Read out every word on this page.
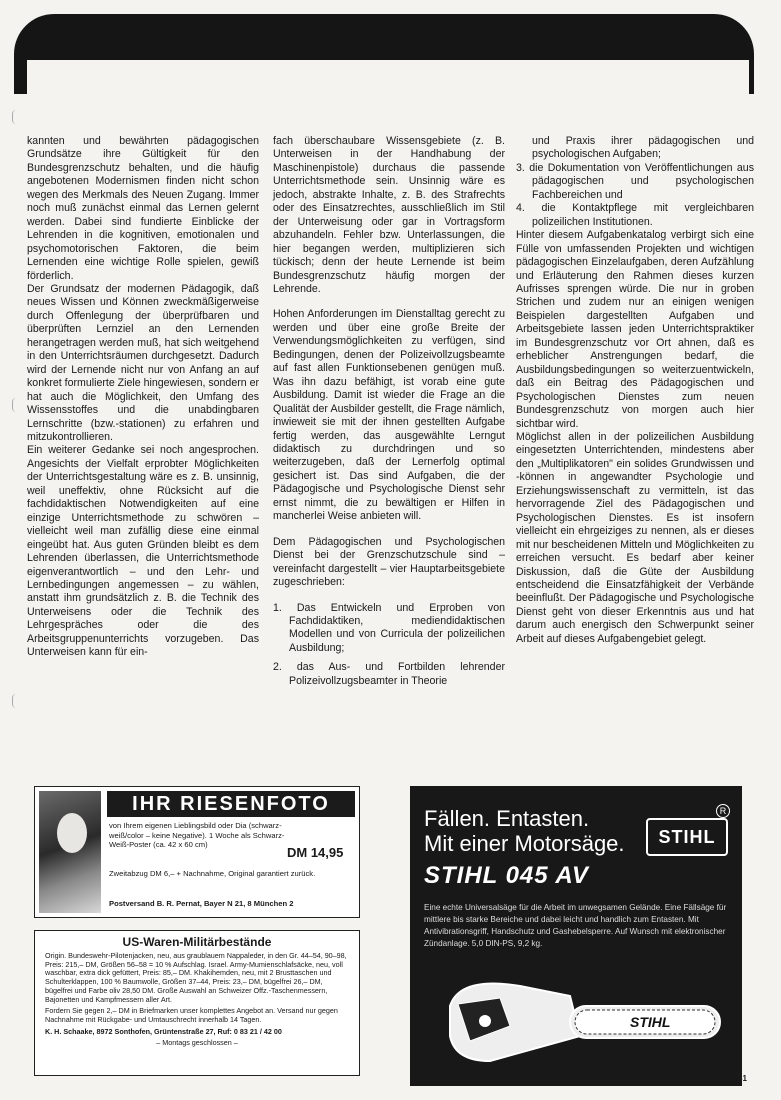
kannten und bewährten pädagogischen Grundsätze ihre Gültigkeit für den Bundesgrenzschutz behalten, und die häufig angebotenen Modernismen finden nicht schon wegen des Merkmals des Neuen Zugang. Immer noch muß zunächst einmal das Lernen gelernt werden. Dabei sind fundierte Einblicke der Lehrenden in die kognitiven, emotionalen und psychomotorischen Faktoren, die beim Lernenden eine wichtige Rolle spielen, gewiß förderlich.

Der Grundsatz der modernen Pädagogik, daß neues Wissen und Können zweckmäßigerweise durch Offenlegung der überprüfbaren und überprüften Lernziel an den Lernenden herangetragen werden muß, hat sich weitgehend in den Unterrichtsräumen durchgesetzt. Dadurch wird der Lernende nicht nur von Anfang an auf konkret formulierte Ziele hingewiesen, sondern er hat auch die Möglichkeit, den Umfang des Wissensstoffes und die unabdingbaren Lernschritte (bzw.-stationen) zu erfahren und mitzukontrollieren.

Ein weiterer Gedanke sei noch angesprochen. Angesichts der Vielfalt erprobter Möglichkeiten der Unterrichtsgestaltung wäre es z. B. unsinnig, weil uneffektiv, ohne Rücksicht auf die fachdidaktischen Notwendigkeiten auf eine einzige Unterrichtsmethode zu schwören – vielleicht weil man zufällig diese eine einmal eingeübt hat. Aus guten Gründen bleibt es dem Lehrenden überlassen, die Unterrichtsmethode eigenverantwortlich – und den Lehr- und Lernbedingungen angemessen – zu wählen, anstatt ihm grundsätzlich z. B. die Technik des Unterweisens oder die Technik des Lehrgespräches oder die des Arbeitsgruppenunterrichts vorzugeben. Das Unterweisen kann für ein-

fach überschaubare Wissensgebiete (z. B. Unterweisen in der Handhabung der Maschinenpistole) durchaus die passende Unterrichtsmethode sein. Unsinnig wäre es jedoch, abstrakte Inhalte, z. B. des Strafrechts oder des Einsatzrechtes, ausschließlich im Stil der Unterweisung oder gar in Vortragsform abzuhandeln. Fehler bzw. Unterlassungen, die hier begangen werden, multiplizieren sich tückisch; denn der heute Lernende ist beim Bundesgrenzschutz häufig morgen der Lehrende.

Hohen Anforderungen im Dienstalltag gerecht zu werden und über eine große Breite der Verwendungsmöglichkeiten zu verfügen, sind Bedingungen, denen der Polizeivollzugsbeamte auf fast allen Funktionsebenen genügen muß. Was ihn dazu befähigt, ist vorab eine gute Ausbildung. Damit ist wieder die Frage an die Qualität der Ausbilder gestellt, die Frage nämlich, inwieweit sie mit der ihnen gestellten Aufgabe fertig werden, das ausgewählte Lerngut didaktisch zu durchdringen und so weiterzugeben, daß der Lernerfolg optimal gesichert ist. Das sind Aufgaben, die der Pädagogische und Psychologische Dienst sehr ernst nimmt, die zu bewältigen er Hilfen in mancherlei Weise anbieten will.

Dem Pädagogischen und Psychologischen Dienst bei der Grenzschutzschule sind – vereinfacht dargestellt – vier Hauptarbeitsgebiete zugeschrieben:

1. Das Entwickeln und Erproben von Fachdidaktiken, mediendidaktischen Modellen und von Curricula der polizeilichen Ausbildung;
2. das Aus- und Fortbilden lehrender Polizeivollzugsbeamter in Theorie

und Praxis ihrer pädagogischen und psychologischen Aufgaben;

3. die Dokumentation von Veröffentlichungen aus pädagogischen und psychologischen Fachbereichen und
4. die Kontaktpflege mit vergleichbaren polizeilichen Institutionen.

Hinter diesem Aufgabenkatalog verbirgt sich eine Fülle von umfassenden Projekten und wichtigen pädagogischen Einzelaufgaben, deren Aufzählung und Erläuterung den Rahmen dieses kurzen Aufrisses sprengen würde. Die nur in groben Strichen und zudem nur an einigen wenigen Beispielen dargestellten Aufgaben und Arbeitsgebiete lassen jeden Unterrichtspraktiker im Bundesgrenzschutz vor Ort ahnen, daß es erheblicher Anstrengungen bedarf, die Ausbildungsbedingungen so weiterzuentwickeln, daß ein Beitrag des Pädagogischen und Psychologischen Dienstes zum neuen Bundesgrenzschutz von morgen auch hier sichtbar wird.

Möglichst allen in der polizeilichen Ausbildung eingesetzten Unterrichtenden, mindestens aber den „Multiplikatoren" ein solides Grundwissen und -können in angewandter Psychologie und Erziehungswissenschaft zu vermitteln, ist das hervorragende Ziel des Pädagogischen und Psychologischen Dienstes. Es ist insofern vielleicht ein ehrgeiziges zu nennen, als er dieses mit nur bescheidenen Mitteln und Möglichkeiten zu erreichen versucht. Es bedarf aber keiner Diskussion, daß die Güte der Ausbildung entscheidend die Einsatzfähigkeit der Verbände beeinflußt. Der Pädagogische und Psychologische Dienst geht von dieser Erkenntnis aus und hat darum auch energisch den Schwerpunkt seiner Arbeit auf dieses Aufgabengebiet gelegt.

IHR RIESENFOTO
von Ihrem eigenen Lieblingsbild oder Dia (schwarz-weiß/color – keine Negative). 1 Woche als Schwarz-Weiß-Poster (ca. 42 x 60 cm)
DM 14,95
Zweitabzug DM 6,– + Nachnahme, Original garantiert zurück.
Postversand B. R. Pernat, Bayer N 21, 8 München 2
US-Waren-Militärbestände

Origin. Bundeswehr-Pilotenjacken, neu, aus graublauem Nappaleder, in den Gr. 44–54, 90–98, Preis: 215,– DM, Größen 56–58 = 10 % Aufschlag. Israel. Army-Mumienschlafsäcke, neu, voll waschbar, extra dick gefüttert, Preis: 85,– DM. Khakihemden, neu, mit 2 Brusttaschen und Schulterklappen, 100 % Baumwolle, Größen 37–44, Preis: 23,– DM, bügelfrei 26,– DM, bügelfrei und Farbe oliv 28,50 DM. Große Auswahl an Schweizer Offz.-Taschenmessern, Bajonetten und Kampfmessern aller Art.

Fordern Sie gegen 2,– DM in Briefmarken unser komplettes Angebot an. Versand nur gegen Nachnahme mit Rückgabe- und Umtauschrecht innerhalb 14 Tagen.

K. H. Schaake, 8972 Sonthofen, Grüntenstraße 27, Ruf: 0 83 21 / 42 00

– Montags geschlossen –

Fällen. Entasten.
Mit einer Motorsäge.
R
STIHL
STIHL 045 AV
Eine echte Universalsäge für die Arbeit im unwegsamen Gelände. Eine Fällsäge für mittlere bis starke Bereiche und dabei leicht und handlich zum Entasten. Mit Antivibrationsgriff, Handschutz und Gashebelsperre. Auf Wunsch mit elektronischer Zündanlage. 5,0 DIN-PS, 9,2 kg.
STIHL
51
